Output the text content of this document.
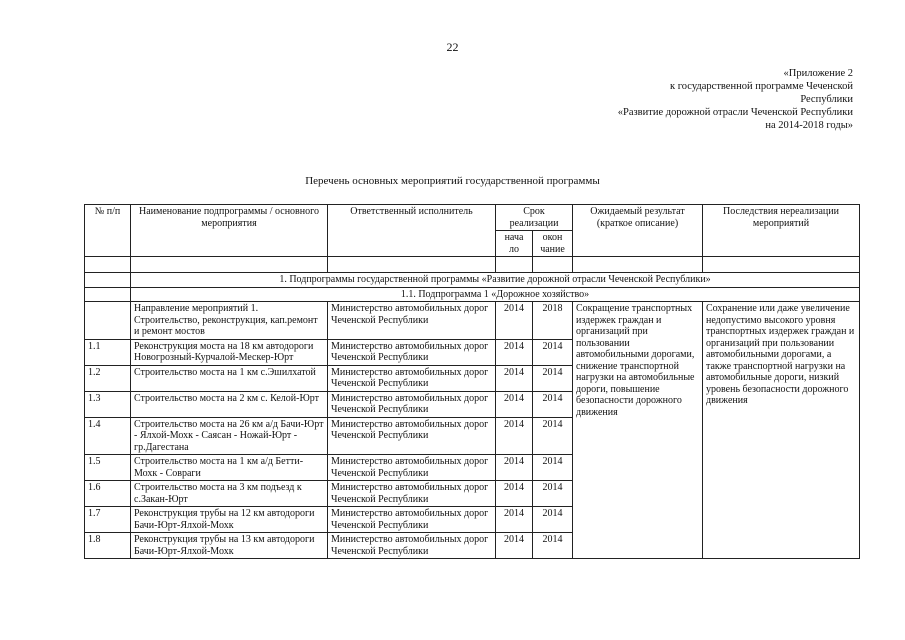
22
«Приложение 2
к государственной программе Чеченской
Республики
«Развитие дорожной отрасли Чеченской Республики
на 2014-2018 годы»
Перечень основных мероприятий государственной программы
№ п/п	Наименование подпрограммы / основного мероприятия	Ответственный исполнитель	Срок реализации		Ожидаемый результат (краткое описание)	Последствия нереализации мероприятий
			нача ло	окон чание		

	1. Подпрограммы государственной программы «Развитие дорожной отрасли Чеченской Республики»					
	1.1. Подпрограмма 1 «Дорожное хозяйство»					
	Направление мероприятий 1. Строительство, реконструкция, кап.ремонт и ремонт мостов	Министерство автомобильных дорог Чеченской Республики	2014	2018	Сокращение транспортных издержек граждан и организаций при пользовании автомобильными дорогами, снижение транспортной нагрузки на автомобильные дороги, повышение безопасности дорожного движения	Сохранение или даже увеличение недопустимо высокого уровня транспортных издержек граждан и организаций при пользовании автомобильными дорогами, а также транспортной нагрузки на автомобильные дороги, низкий уровень безопасности дорожного движения
1.1	Реконструкция моста на 18 км автодороги Новогрозный-Курчалой-Мескер-Юрт	Министерство автомобильных дорог Чеченской Республики	2014	2014		
1.2	Строительство моста на 1 км с.Эшилхатой	Министерство автомобильных дорог Чеченской Республики	2014	2014		
1.3	Строительство моста на 2 км с. Келой-Юрт	Министерство автомобильных дорог Чеченской Республики	2014	2014		
1.4	Строительство моста на 26 км а/д Бачи-Юрт - Ялхой-Мохк - Саясан - Ножай-Юрт - гр.Дагестана	Министерство автомобильных дорог Чеченской Республики	2014	2014		
1.5	Строительство моста на 1 км а/д Бетти-Мохк - Совраги	Министерство автомобильных дорог Чеченской Республики	2014	2014		
1.6	Строительство моста на 3 км подъезд к с.Закан-Юрт	Министерство автомобильных дорог Чеченской Республики	2014	2014		
1.7	Реконструкция трубы на 12 км автодороги Бачи-Юрт-Ялхой-Мохк	Министерство автомобильных дорог Чеченской Республики	2014	2014		
1.8	Реконструкция трубы на 13 км автодороги Бачи-Юрт-Ялхой-Мохк	Министерство автомобильных дорог Чеченской Республики	2014	2014		
